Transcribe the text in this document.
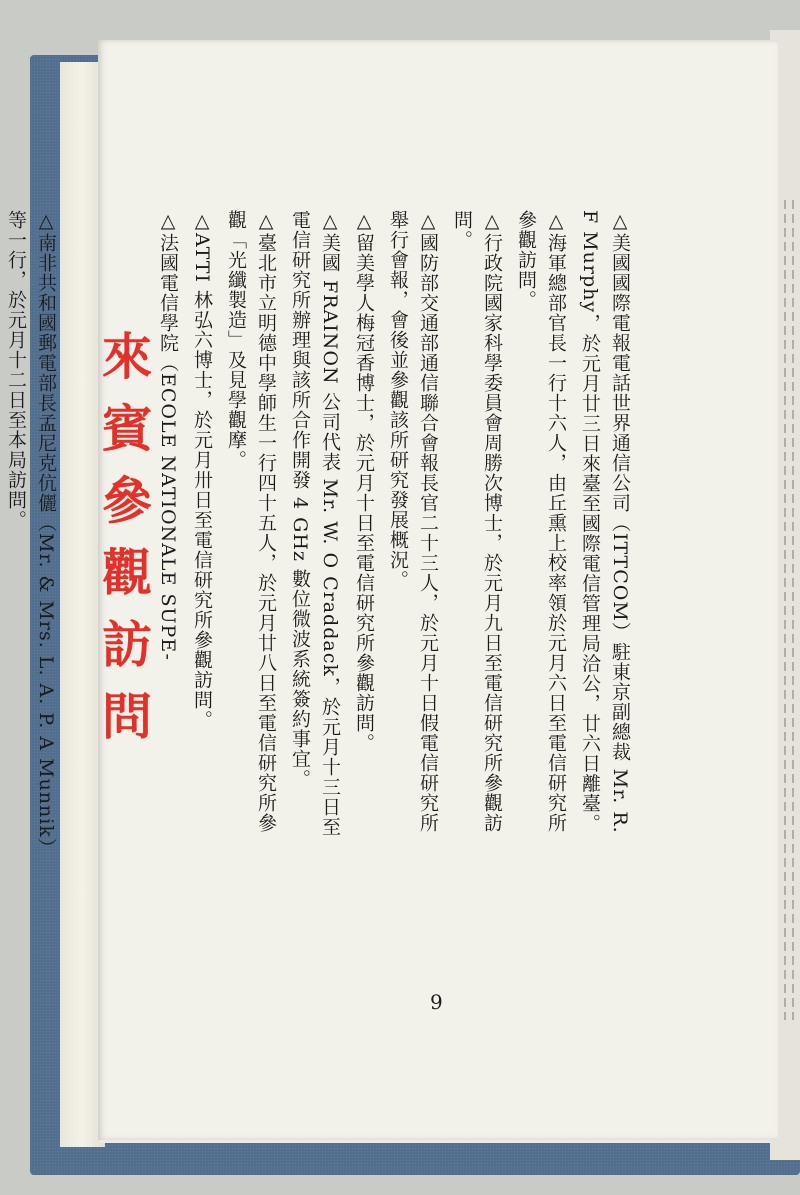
△美國國際電報電話世界通信公司（ITTCOM）駐東京副總裁 Mr. R. F Murphy，於元月廿三日來臺至國際電信管理局洽公，廿六日離臺。
△海軍總部官長一行十六人，由丘熏上校率領於元月六日至電信研究所參觀訪問。
△行政院國家科學委員會周勝次博士，於元月九日至電信研究所參觀訪問。
△國防部交通部通信聯合會報長官二十三人，於元月十日假電信研究所舉行會報，會後並參觀該所研究發展概況。
△留美學人梅冠香博士，於元月十日至電信研究所參觀訪問。
△美國 FRAINON 公司代表 Mr. W. O Craddack，於元月十三日至電信研究所辦理與該所合作開發 4 GHz 數位微波系統簽約事宜。
△臺北市立明德中學師生一行四十五人，於元月廿八日至電信研究所參觀「光纖製造」及見學觀摩。
△ATTI 林弘六博士，於元月卅日至電信研究所參觀訪問。
△法國電信學院（ECOLE NATIONALE SUPE-
來賓參觀訪問
△南非共和國郵電部長孟尼克伉儷（Mr. & Mrs. L. A. P. A Munnik）等一行，於元月十二日至本局訪問。
9
